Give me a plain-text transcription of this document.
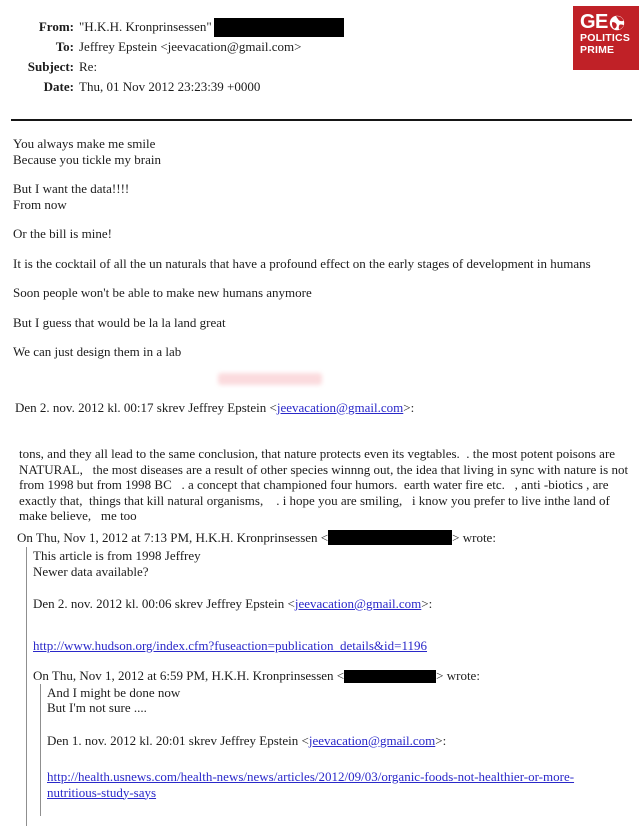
From: "H.K.H. Kronprinsessen"
To: Jeffrey Epstein <jeevacation@gmail.com>
Subject: Re:
Date: Thu, 01 Nov 2012 23:23:39 +0000
You always make me smile
Because you tickle my brain
But I want the data!!!!
From now
Or the bill is mine!
It is the cocktail of all the un naturals that have a profound effect on the early stages of development in humans
Soon people won't be able to make new humans anymore
But I guess that would be la la land great
We can just design them in a lab
Den 2. nov. 2012 kl. 00:17 skrev Jeffrey Epstein <jeevacation@gmail.com>:
tons, and they all lead to the same conclusion, that nature protects even its vegtables.  . the most potent poisons are NATURAL,   the most diseases are a result of other species winnng out, the idea that living in sync with nature is not from 1998 but from 1998 BC   . a concept that championed four humors.  earth water fire etc.   , anti -biotics , are exactly that,  things that kill natural organisms,    . i hope you are smiling,   i know you prefer to live inthe land of make believe,   me too
On Thu, Nov 1, 2012 at 7:13 PM, H.K.H. Kronprinsessen <	> wrote:
This article is from 1998 Jeffrey
Newer data available?
Den 2. nov. 2012 kl. 00:06 skrev Jeffrey Epstein <jeevacation@gmail.com>:
http://www.hudson.org/index.cfm?fuseaction=publication_details&id=1196
On Thu, Nov 1, 2012 at 6:59 PM, H.K.H. Kronprinsessen <	> wrote:
And I might be done now
But I'm not sure ....
Den 1. nov. 2012 kl. 20:01 skrev Jeffrey Epstein <jeevacation@gmail.com>:
http://health.usnews.com/health-news/news/articles/2012/09/03/organic-foods-not-healthier-or-more-nutritious-study-says
GE
POLITICS
PRIME
